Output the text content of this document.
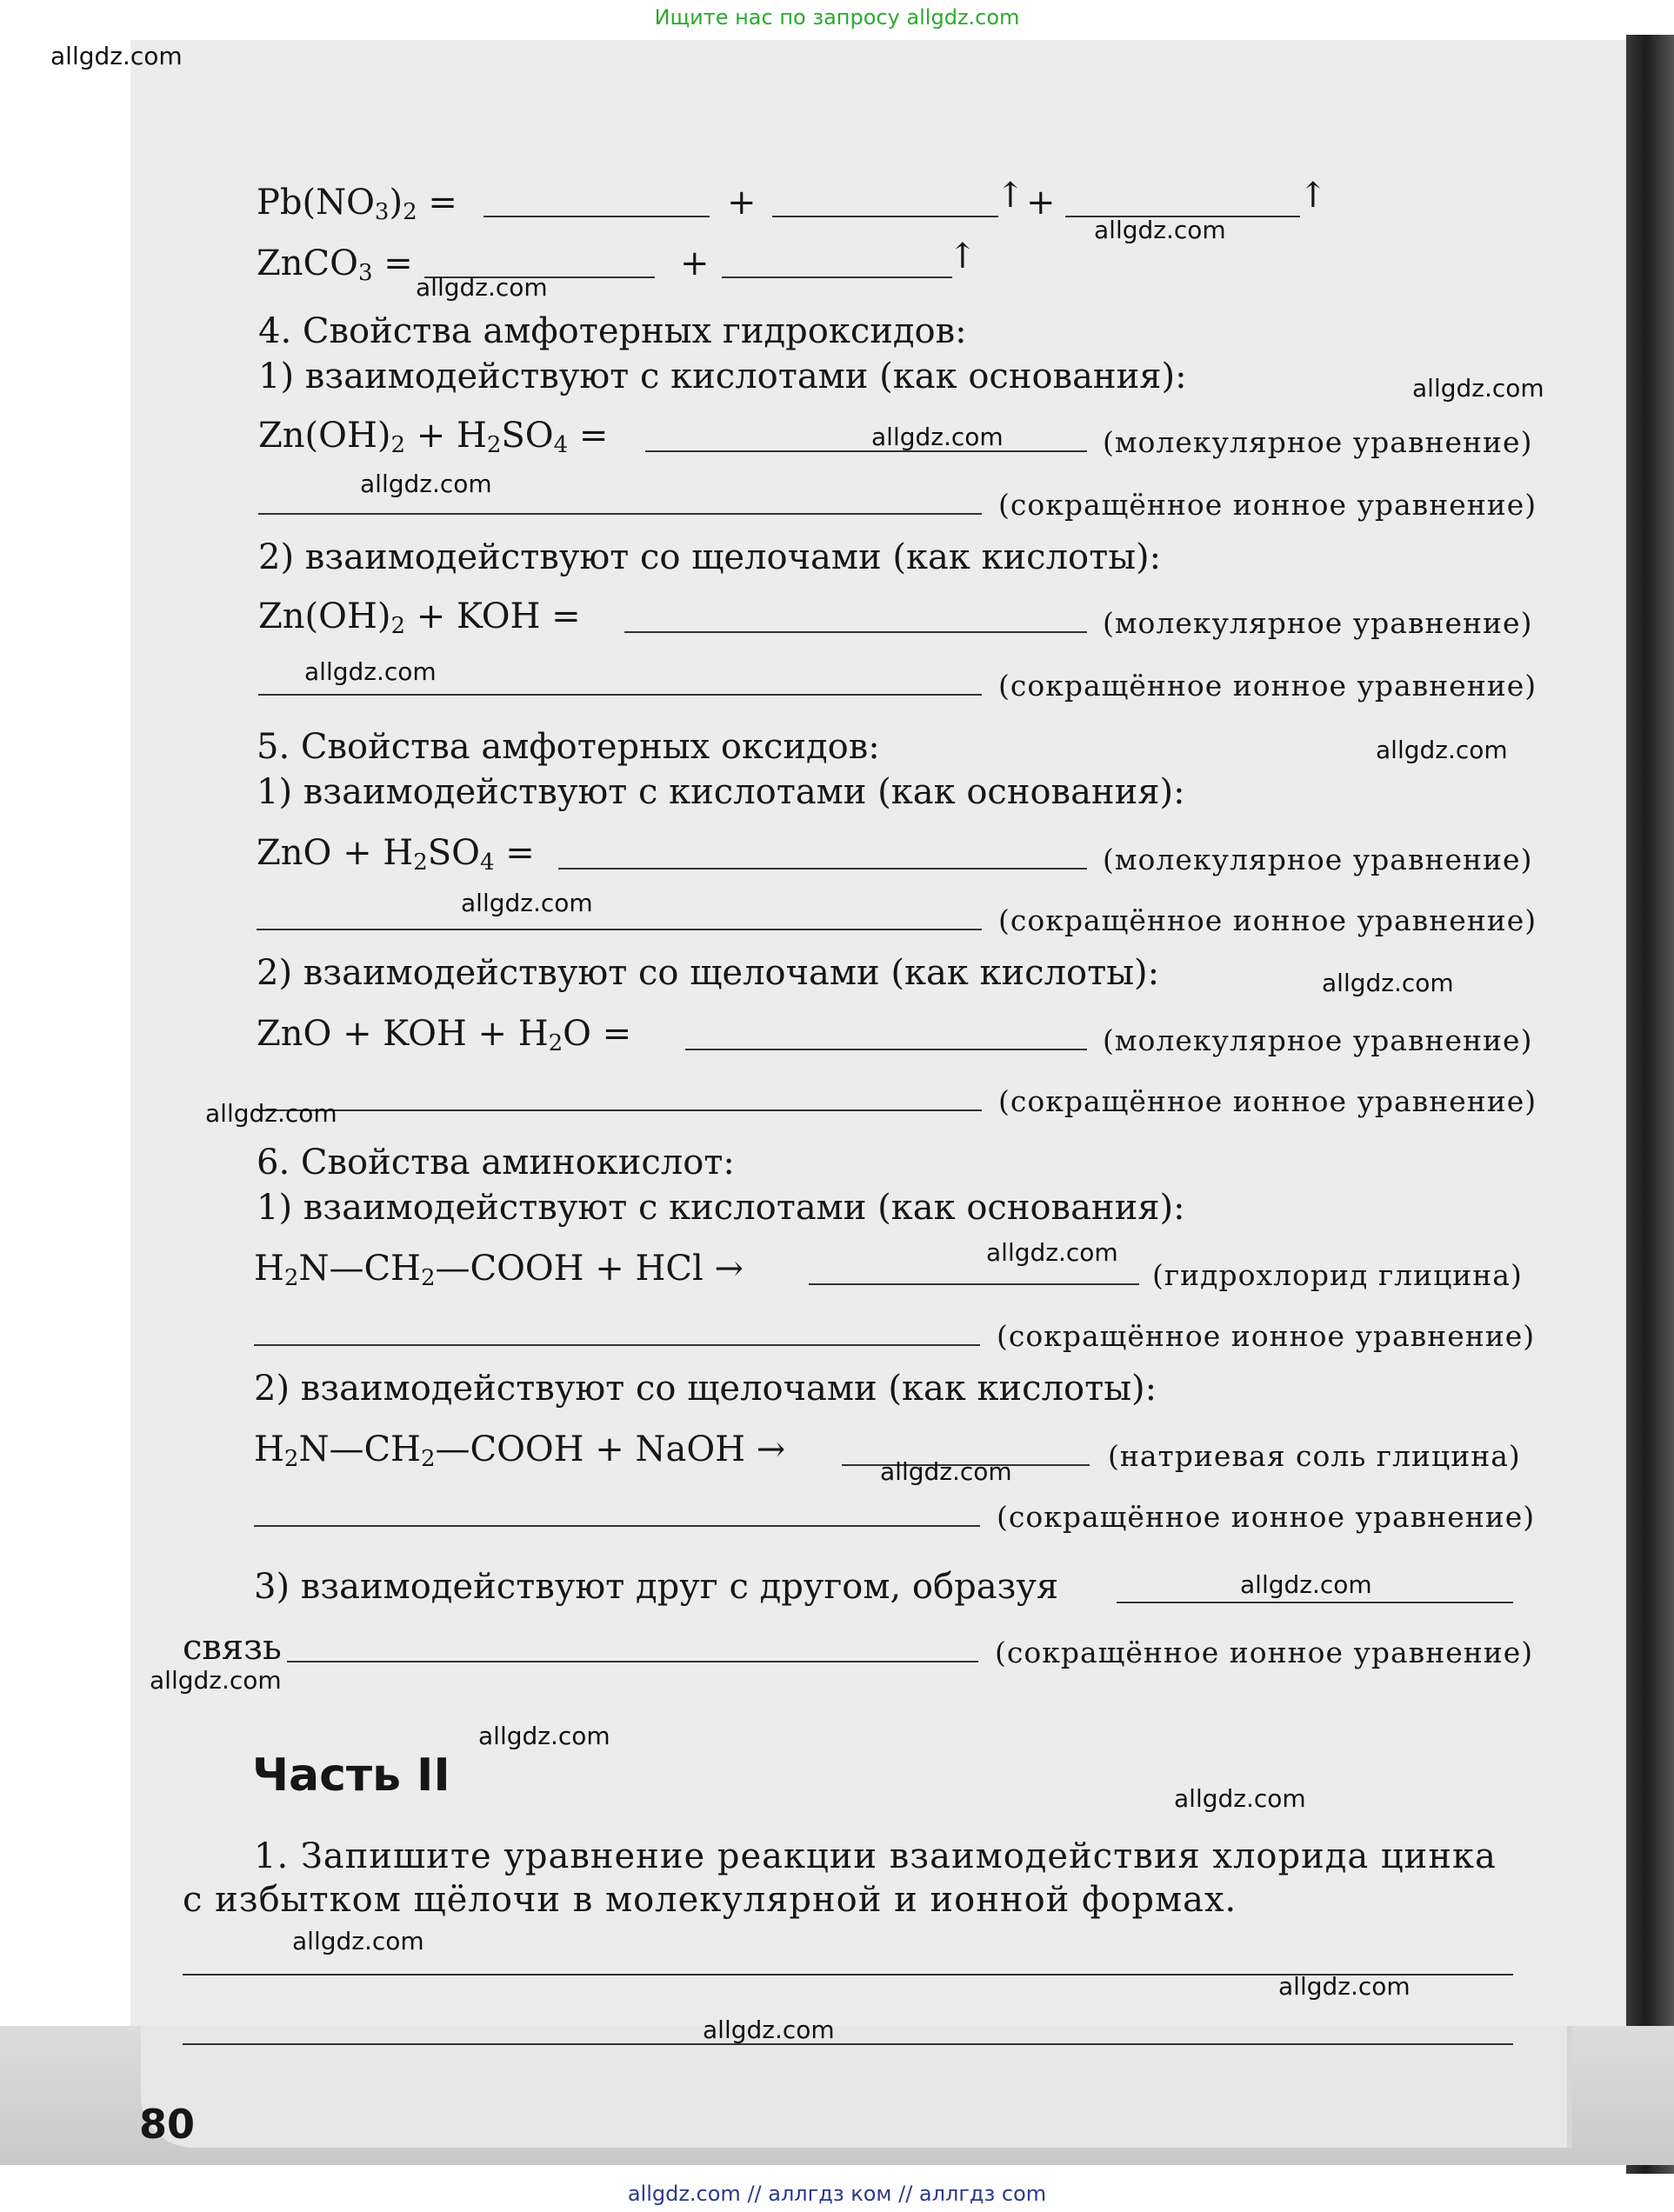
Ищите нас по запросу allgdz.com
$Pb(NO_3)_2$ =	+	↑ +	↑
ZnCO$_3$ =	+	↑
4. Свойства амфотерных гидроксидов:
1) взаимодействуют с кислотами (как основания):
$Zn(OH)_2 + H_2SO_4$ =	(молекулярное уравнение)
(сокращённое ионное уравнение)
2) взаимодействуют со щелочами (как кислоты):
$Zn(OH)_2$ + KOH =	(молекулярное уравнение)
(сокращённое ионное уравнение)
5. Свойства амфотерных оксидов:
1) взаимодействуют с кислотами (как основания):
ZnO + $H_2SO_4$ =	(молекулярное уравнение)
(сокращённое ионное уравнение)
2) взаимодействуют со щелочами (как кислоты):
ZnO + KOH + $H_2O$ =	(молекулярное уравнение)
(сокращённое ионное уравнение)
6. Свойства аминокислот:
1) взаимодействуют с кислотами (как основания):
$H_2N—CH_2—COOH$ + HCl →	(гидрохлорид глицина)
(сокращённое ионное уравнение)
2) взаимодействуют со щелочами (как кислоты):
$H_2N—CH_2—COOH$ + NaOH →	(натриевая соль глицина)
(сокращённое ионное уравнение)
3) взаимодействуют друг с другом, образуя
связь	(сокращённое ионное уравнение)
Часть II
1. Запишите уравнение реакции взаимодействия хлорида цинка
с избытком щёлочи в молекулярной и ионной формах.
80
allgdz.com
allgdz.com
allgdz.com
allgdz.com
allgdz.com
allgdz.com
allgdz.com
allgdz.com
allgdz.com
allgdz.com
allgdz.com
allgdz.com
allgdz.com
allgdz.com
allgdz.com
allgdz.com
allgdz.com
allgdz.com
allgdz.com
allgdz.com
allgdz.com // аллгдз ком // аллгдз com
